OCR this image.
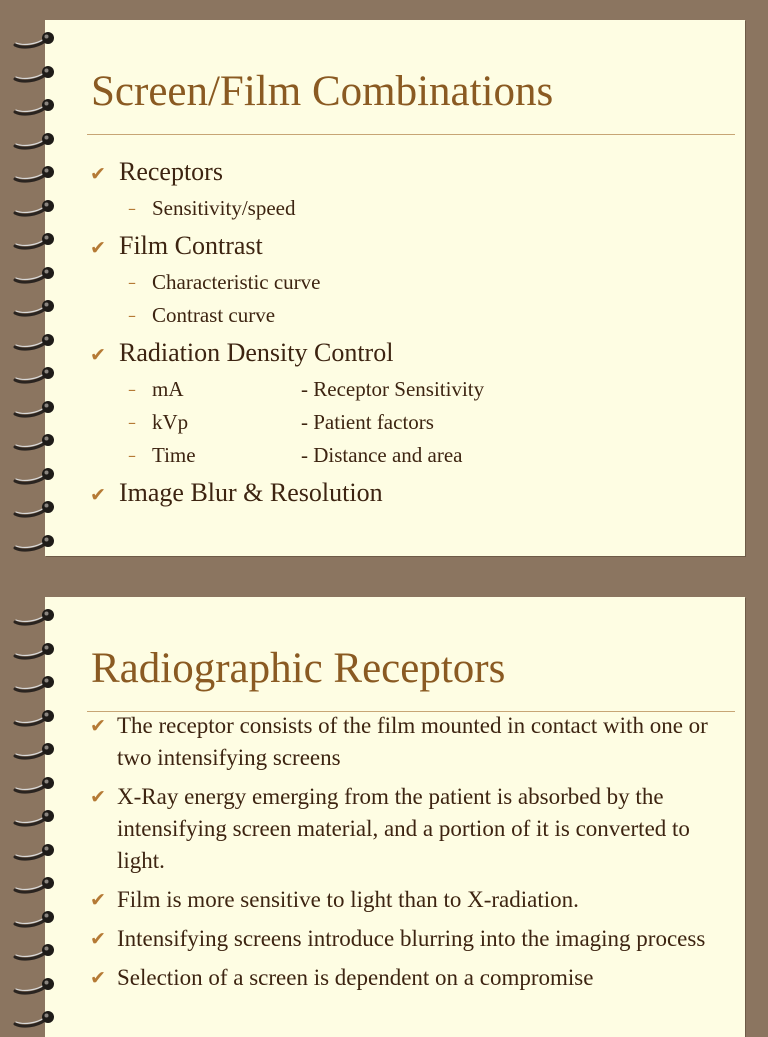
Screen/Film Combinations
✔ Receptors
– Sensitivity/speed
✔ Film Contrast
– Characteristic curve
– Contrast curve
✔ Radiation Density Control
– mA	- Receptor Sensitivity
– kVp	- Patient factors
– Time	- Distance and area
✔ Image Blur & Resolution
Radiographic Receptors
✔ The receptor consists of the film mounted in contact with one or two intensifying screens
✔ X-Ray energy emerging from the patient is absorbed by the intensifying screen material, and a portion of it is converted to light.
✔ Film is more sensitive to light than to X-radiation.
✔ Intensifying screens introduce blurring into the imaging process
✔ Selection of a screen is dependent on a compromise
